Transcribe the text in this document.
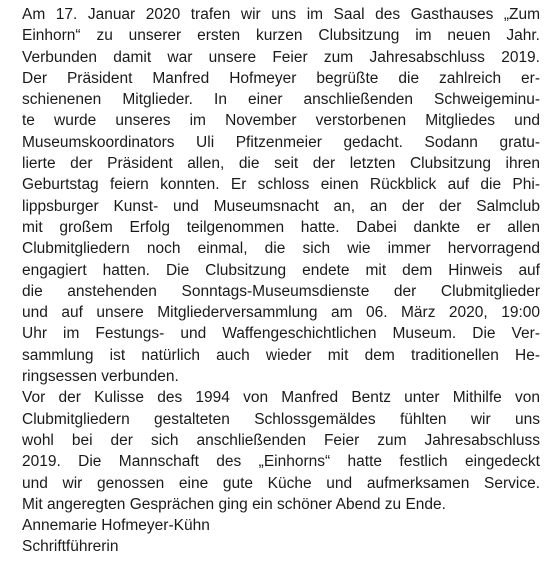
Am 17. Januar 2020 trafen wir uns im Saal des Gasthauses „Zum
Einhorn“ zu unserer ersten kurzen Clubsitzung im neuen Jahr.
Verbunden damit war unsere Feier zum Jahresabschluss 2019.
Der Präsident Manfred Hofmeyer begrüßte die zahlreich er-
schienenen Mitglieder. In einer anschließenden Schweigeminu-
te wurde unseres im November verstorbenen Mitgliedes und
Museumskoordinators Uli Pfitzenmeier gedacht. Sodann gratu-
lierte der Präsident allen, die seit der letzten Clubsitzung ihren
Geburtstag feiern konnten. Er schloss einen Rückblick auf die Phi-
lippsburger Kunst- und Museumsnacht an, an der der Salmclub
mit großem Erfolg teilgenommen hatte. Dabei dankte er allen
Clubmitgliedern noch einmal, die sich wie immer hervorragend
engagiert hatten. Die Clubsitzung endete mit dem Hinweis auf
die anstehenden Sonntags-Museumsdienste der Clubmitglieder
und auf unsere Mitgliederversammlung am 06. März 2020, 19:00
Uhr im Festungs- und Waffengeschichtlichen Museum. Die Ver-
sammlung ist natürlich auch wieder mit dem traditionellen He-
ringsessen verbunden.
Vor der Kulisse des 1994 von Manfred Bentz unter Mithilfe von
Clubmitgliedern gestalteten Schlossgemäldes fühlten wir uns
wohl bei der sich anschließenden Feier zum Jahresabschluss
2019. Die Mannschaft des „Einhorns“ hatte festlich eingedeckt
und wir genossen eine gute Küche und aufmerksamen Service.
Mit angeregten Gesprächen ging ein schöner Abend zu Ende.
Annemarie Hofmeyer-Kühn
Schriftführerin
